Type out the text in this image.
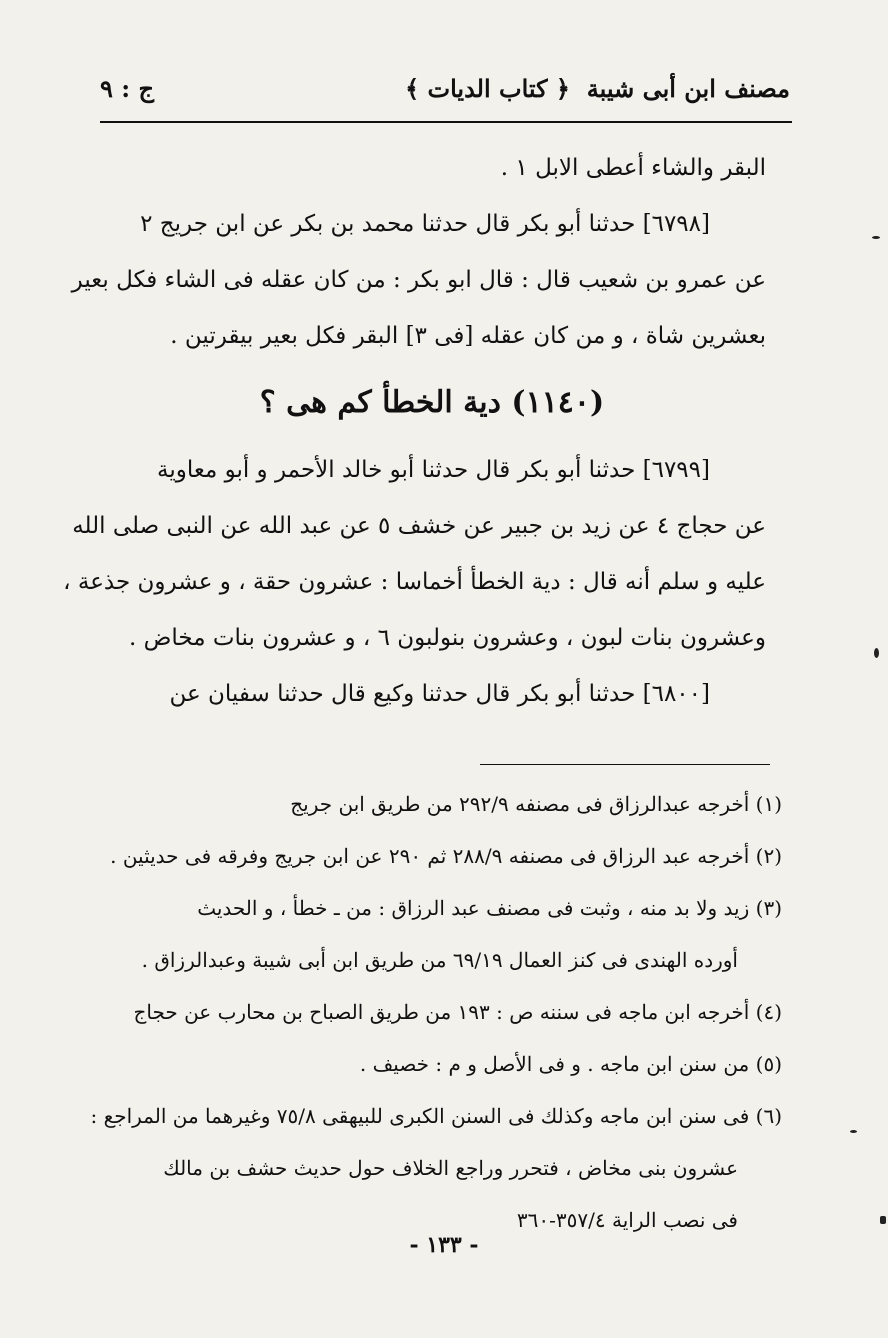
مصنف ابن أبى شيبة
﴿ كتاب الديات ﴾
ج : ٩
البقر والشاء أعطى الابل ١ .
[٦٧٩٨] حدثنا أبو بكر قال حدثنا محمد بن بكر عن ابن جريج ٢
عن عمرو بن شعيب قال : قال ابو بكر : من كان عقله فى الشاء فكل بعير
بعشرين شاة ، و من كان عقله [فى ٣] البقر فكل بعير بيقرتين .
(١١٤٠) دية الخطأ كم هى ؟
[٦٧٩٩] حدثنا أبو بكر قال حدثنا أبو خالد الأحمر و أبو معاوية
عن حجاج ٤ عن زيد بن جبير عن خشف ٥ عن عبد الله عن النبى صلى الله
عليه و سلم أنه قال : دية الخطأ أخماسا : عشرون حقة ، و عشرون جذعة ،
وعشرون بنات لبون ، وعشرون بنولبون ٦ ، و عشرون بنات مخاض .
[٦٨٠٠] حدثنا أبو بكر قال حدثنا وكيع قال حدثنا سفيان عن
(١) أخرجه عبدالرزاق فى مصنفه ٢٩٢/٩ من طريق ابن جريج
(٢) أخرجه عبد الرزاق فى مصنفه ٢٨٨/٩ ثم ٢٩٠ عن ابن جريج وفرقه فى حديثين .
(٣) زيد ولا بد منه ، وثبت فى مصنف عبد الرزاق : من ـ خطأ ، و الحديث
أورده الهندى فى كنز العمال ٦٩/١٩ من طريق ابن أبى شيبة وعبدالرزاق .
(٤) أخرجه ابن ماجه فى سننه ص : ١٩٣ من طريق الصباح بن محارب عن حجاج
(٥) من سنن ابن ماجه . و فى الأصل و م : خصيف .
(٦) فى سنن ابن ماجه وكذلك فى السنن الكبرى للبيهقى ٧٥/٨ وغيرهما من المراجع :
عشرون بنى مخاض ، فتحرر وراجع الخلاف حول حديث حشف بن مالك
فى نصب الراية ٣٥٧/٤-٣٦٠
- ١٣٣ -
